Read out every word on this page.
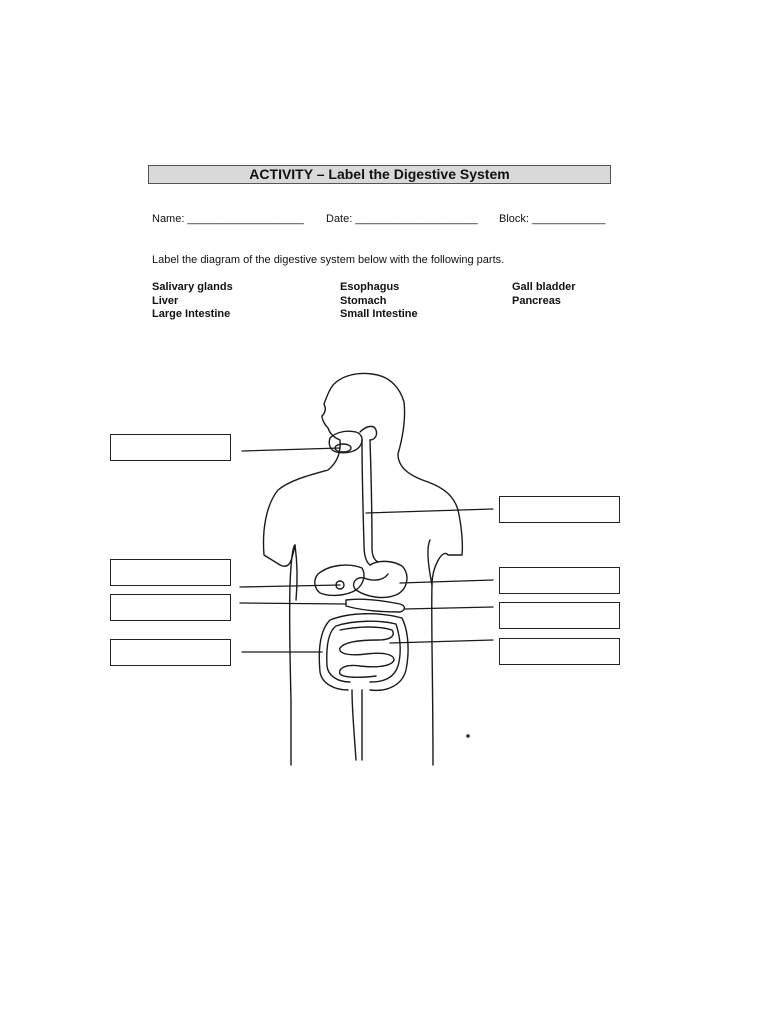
ACTIVITY – Label the Digestive System
Name: ___________________ Date: ____________________ Block: ____________
Label the diagram of the digestive system below with the following parts.
Salivary glands
Liver
Large Intestine
Esophagus
Stomach
Small Intestine
Gall bladder
Pancreas
